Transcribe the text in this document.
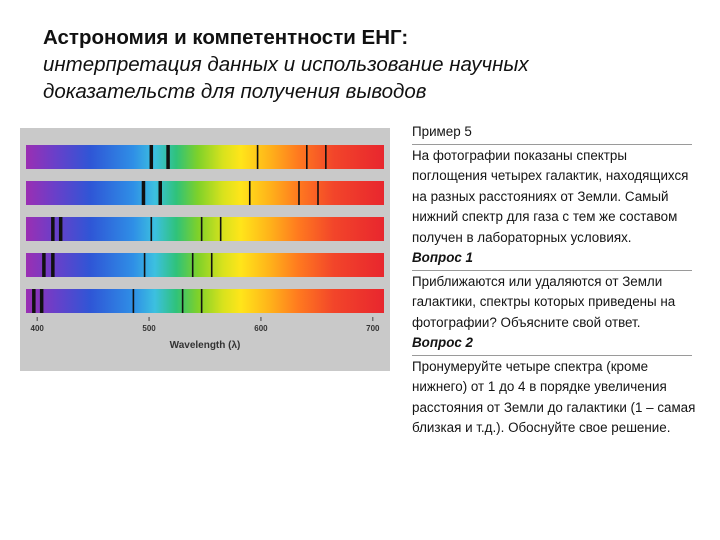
Астрономия и компетентности ЕНГ:
интерпретация данных и использование научных
доказательств для получения выводов
400	500	600	700
Wavelength (λ)

Пример 5

На фотографии показаны спектры поглощения четырех галактик, находящихся на разных расстояниях от Земли. Самый нижний спектр для газа с тем же составом получен в лабораторных условиях.

Вопрос 1

Приближаются или удаляются от Земли галактики, спектры которых приведены на фотографии? Объясните свой ответ.

Вопрос 2

Пронумеруйте четыре спектра (кроме нижнего) от 1 до 4 в порядке увеличения расстояния от Земли до галактики (1 – самая близкая и т.д.). Обоснуйте свое решение.
